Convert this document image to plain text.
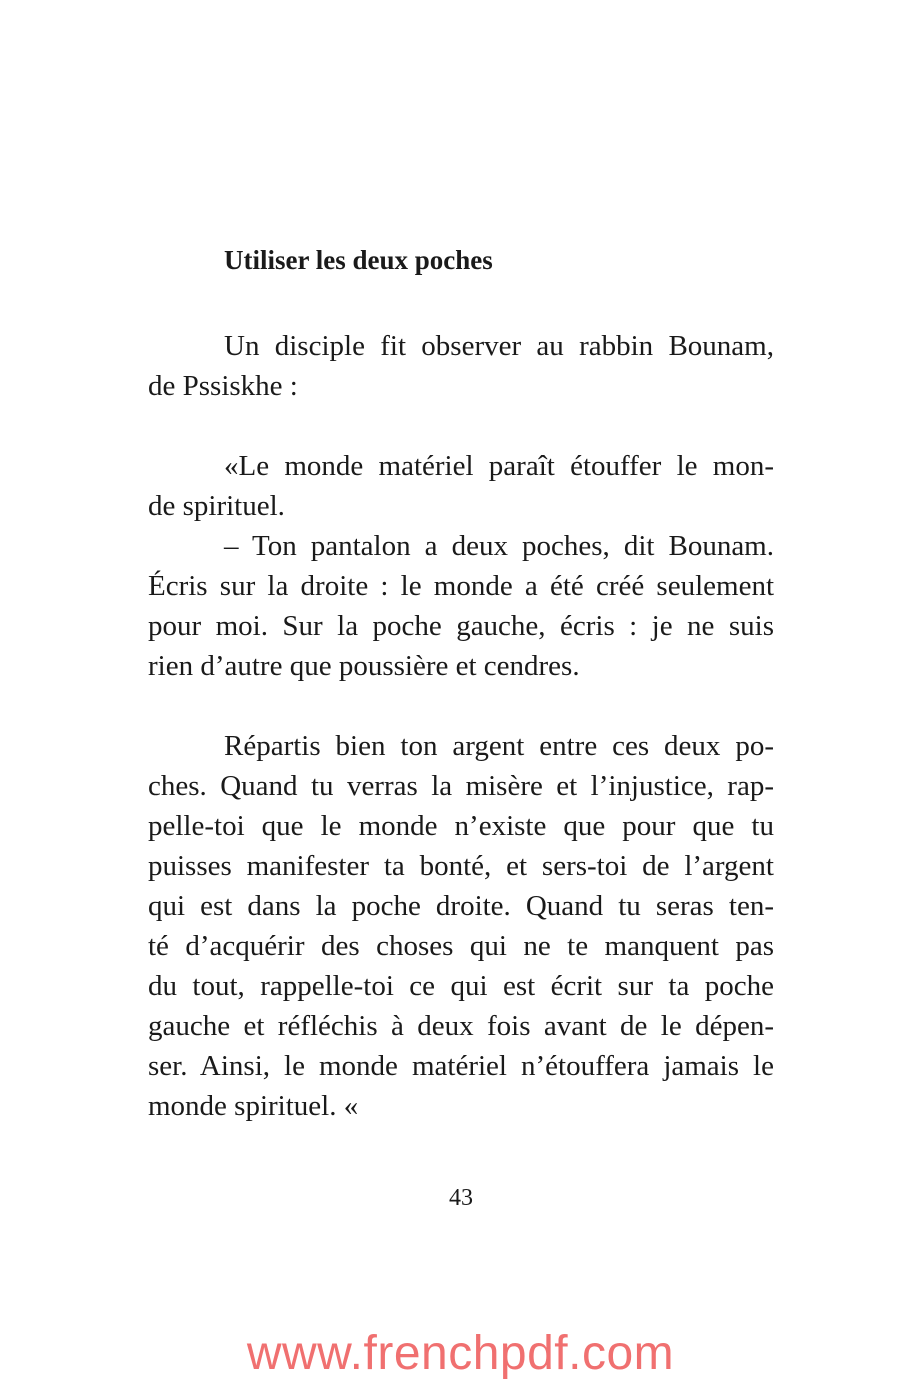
Utiliser les deux poches

Un disciple fit observer au rabbin Bounam,
de Pssiskhe :

«Le monde matériel paraît étouffer le mon-
de spirituel.

– Ton pantalon a deux poches, dit Bounam.
Écris sur la droite : le monde a été créé seulement
pour moi. Sur la poche gauche, écris : je ne suis
rien d’autre que poussière et cendres.

Répartis bien ton argent entre ces deux po-
ches. Quand tu verras la misère et l’injustice, rap-
pelle-toi que le monde n’existe que pour que tu
puisses manifester ta bonté, et sers-toi de l’argent
qui est dans la poche droite. Quand tu seras ten-
té d’acquérir des choses qui ne te manquent pas
du tout, rappelle-toi ce qui est écrit sur ta poche
gauche et réfléchis à deux fois avant de le dépen-
ser. Ainsi, le monde matériel n’étouffera jamais le
monde spirituel. «

43
www.frenchpdf.com
